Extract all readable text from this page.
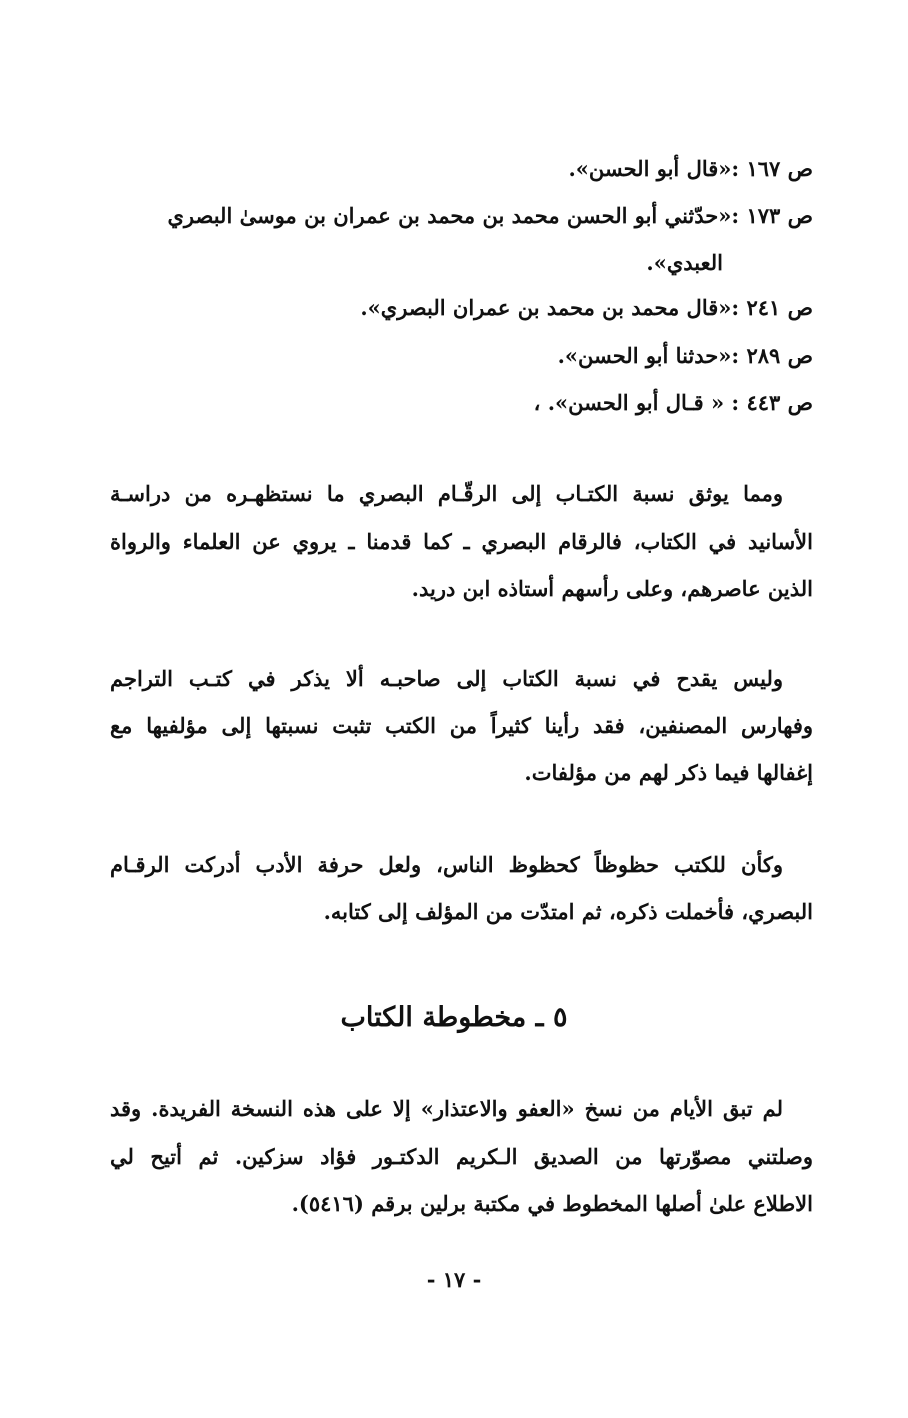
ص ١٦٧ :«قال أبو الحسن».
ص ١٧٣ :«حدّثني أبو الحسن محمد بن محمد بن عمران بن موسىٰ البصري
العبدي».
ص ٢٤١ :«قال محمد بن محمد بن عمران البصري».
ص ٢٨٩ :«حدثنا أبو الحسن».
ص ٤٤٣ : « قـال أبو الحسن». ،
ومما يوثق نسبة الكتـاب إلى الرقّـام البصري ما نستظهـره من دراسـة
الأسانيد في الكتاب، فالرقام البصري ـ كما قدمنا ـ يروي عن العلماء والرواة
الذين عاصرهم، وعلى رأسهم أستاذه ابن دريد.
وليس يقدح في نسبة الكتاب إلى صاحبـه ألا يذكر في كتـب التراجم
وفهارس المصنفين، فقد رأينا كثيراً من الكتب تثبت نسبتها إلى مؤلفيها مع
إغفالها فيما ذكر لهم من مؤلفات.
وكأن للكتب حظوظاً كحظوظ الناس، ولعل حرفة الأدب أدركت الرقـام
البصري، فأخملت ذكره، ثم امتدّت من المؤلف إلى كتابه.
٥ ـ مخطوطة الكتاب
لم تبق الأيام من نسخ «العفو والاعتذار» إلا على هذه النسخة الفريدة. وقد
وصلتني مصوّرتها من الصديق الـكريم الدكتـور فؤاد سزكين. ثم أتيح لي
الاطلاع علىٰ أصلها المخطوط في مكتبة برلين برقم (٥٤١٦).
- ١٧ -
